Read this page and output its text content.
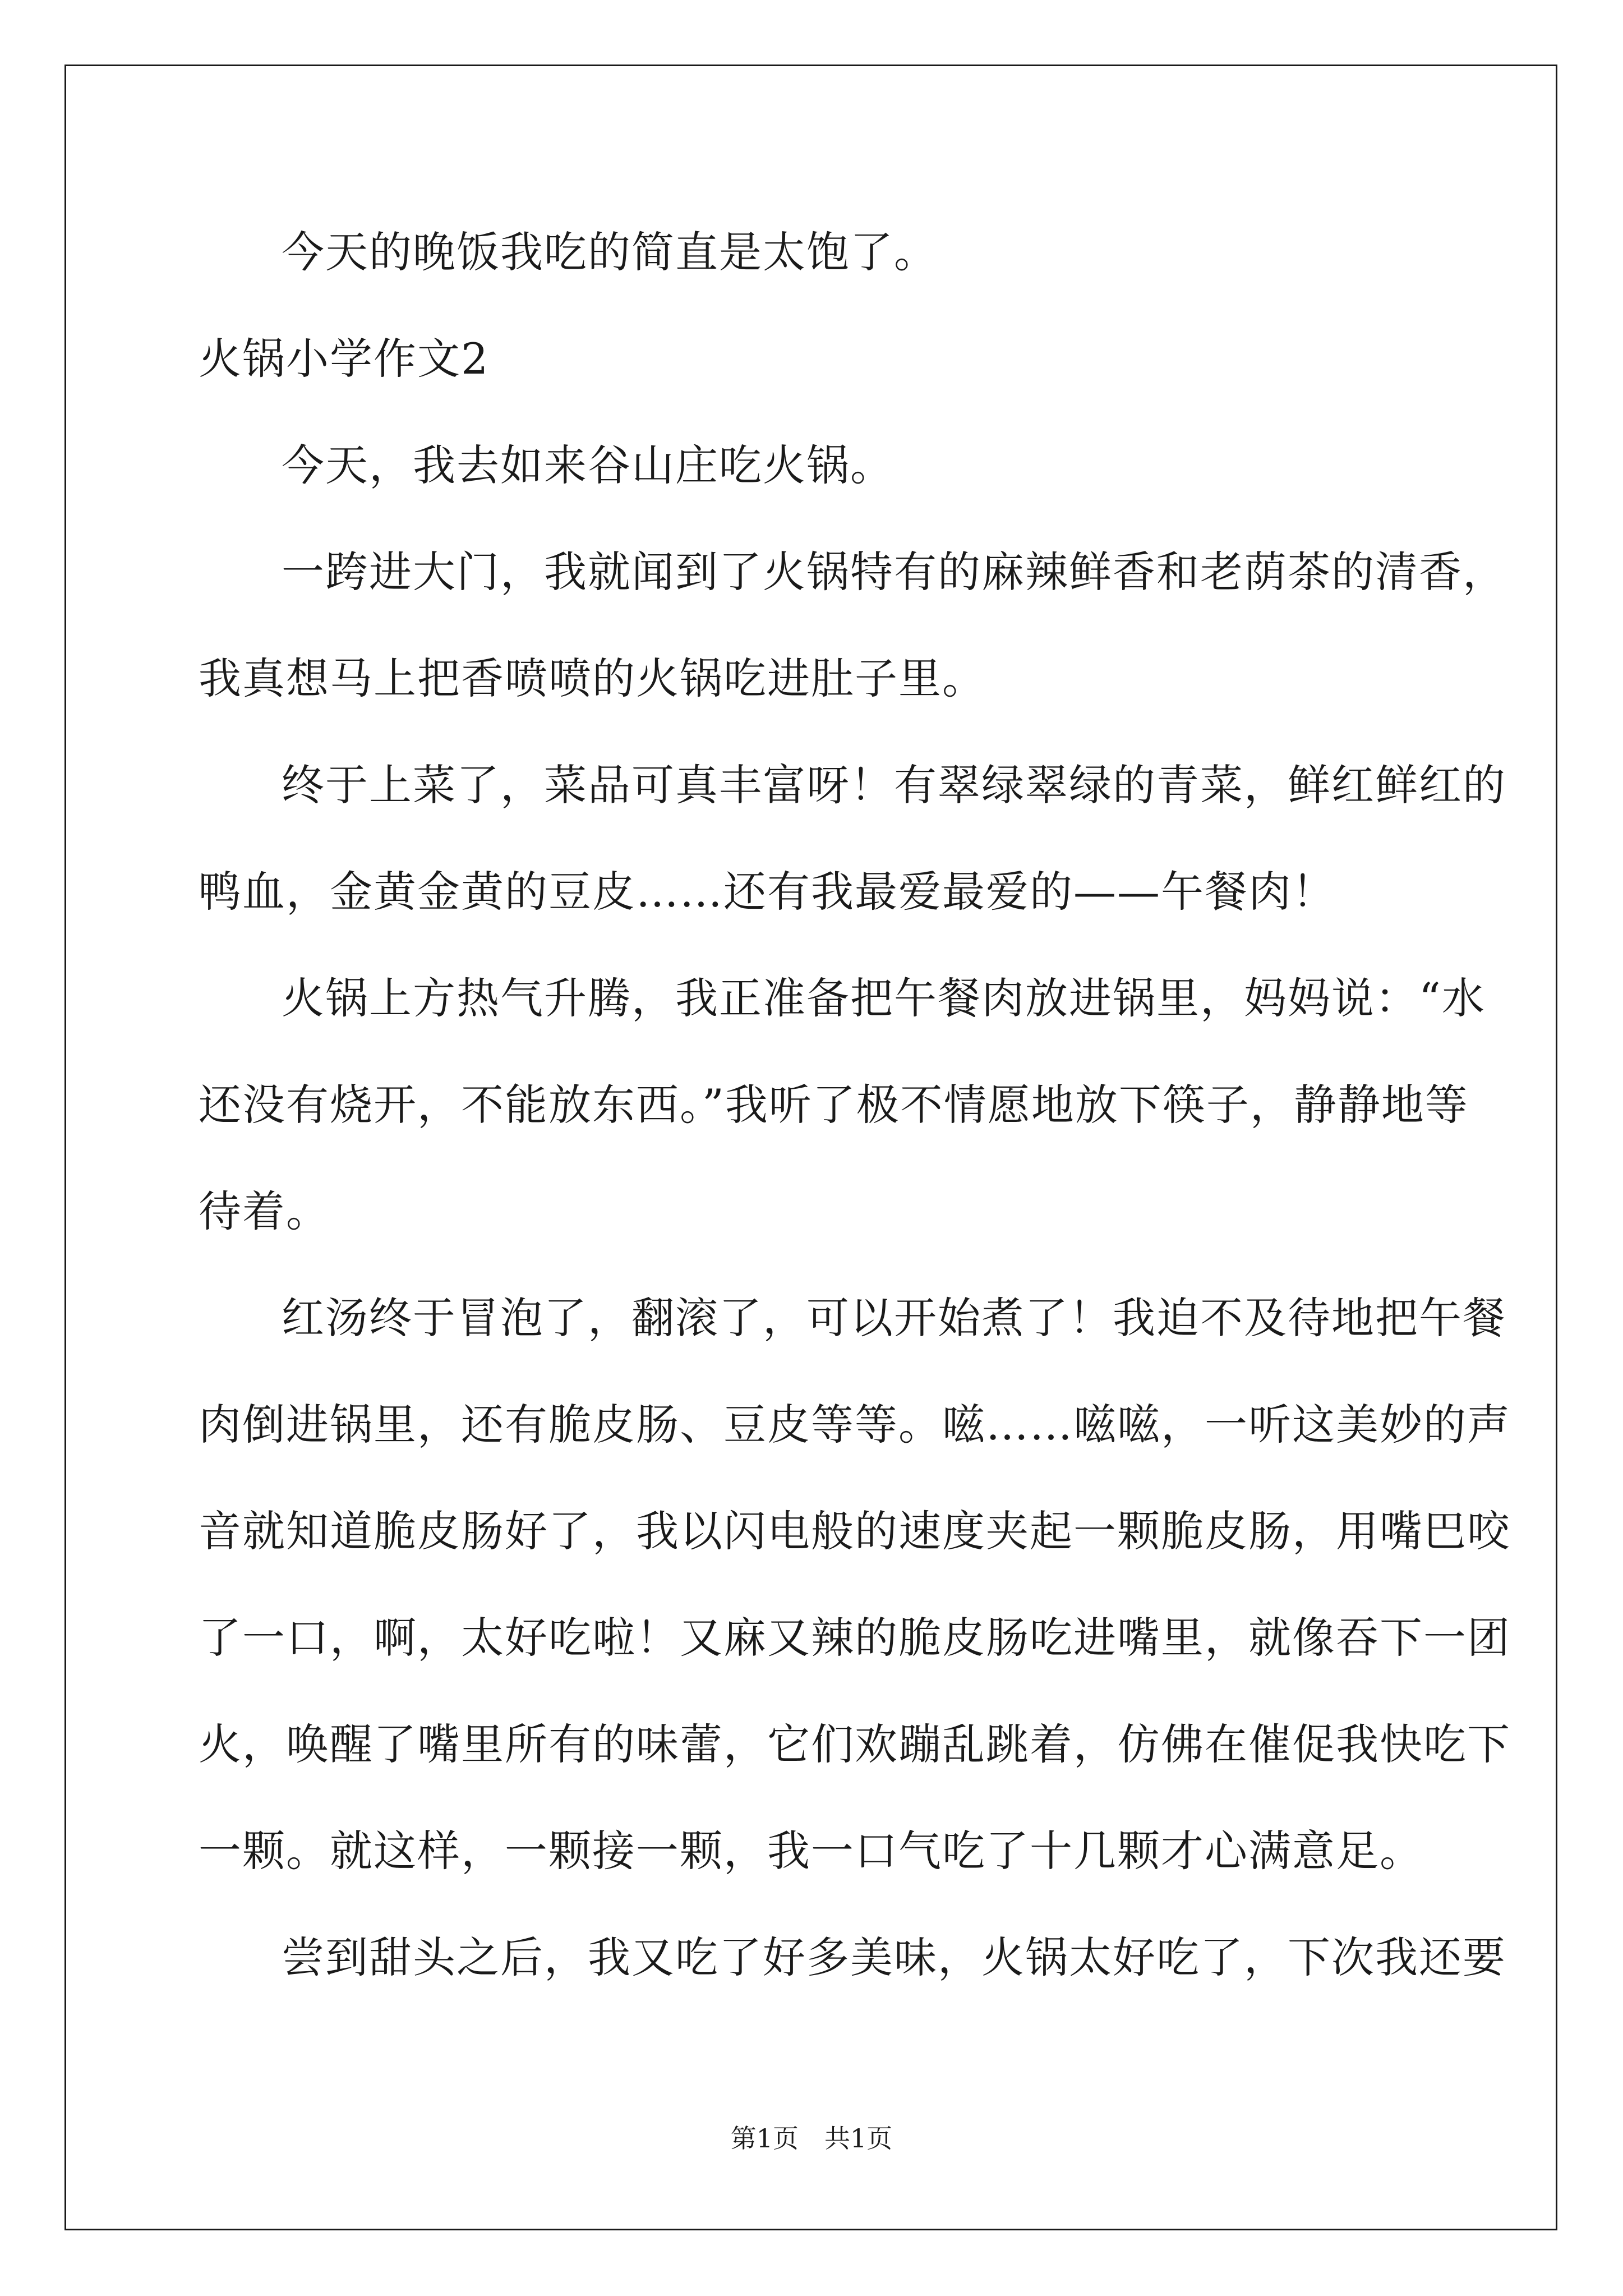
今天的晚饭我吃的简直是太饱了。
火锅小学作文2
今天，我去如来谷山庄吃火锅。
一跨进大门，我就闻到了火锅特有的麻辣鲜香和老荫茶的清香，
我真想马上把香喷喷的火锅吃进肚子里。
终于上菜了，菜品可真丰富呀！有翠绿翠绿的青菜，鲜红鲜红的
鸭血，金黄金黄的豆皮……还有我最爱最爱的——午餐肉！
火锅上方热气升腾，我正准备把午餐肉放进锅里，妈妈说：“水
还没有烧开，不能放东西。”我听了极不情愿地放下筷子，静静地等
待着。
红汤终于冒泡了，翻滚了，可以开始煮了！我迫不及待地把午餐
肉倒进锅里，还有脆皮肠、豆皮等等。嗞……嗞嗞，一听这美妙的声
音就知道脆皮肠好了，我以闪电般的速度夹起一颗脆皮肠，用嘴巴咬
了一口，啊，太好吃啦！又麻又辣的脆皮肠吃进嘴里，就像吞下一团
火，唤醒了嘴里所有的味蕾，它们欢蹦乱跳着，仿佛在催促我快吃下
一颗。就这样，一颗接一颗，我一口气吃了十几颗才心满意足。
尝到甜头之后，我又吃了好多美味，火锅太好吃了，下次我还要
第1页　共1页
